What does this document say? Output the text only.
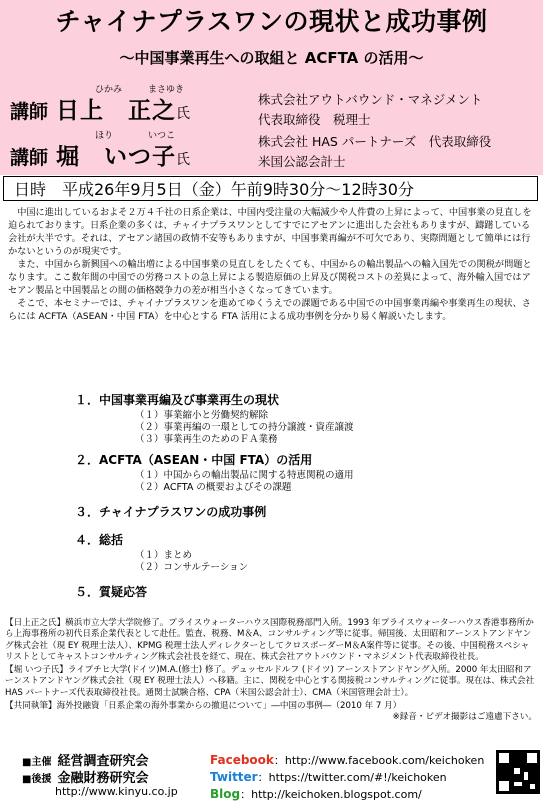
チャイナプラスワンの現状と成功事例
～中国事業再生への取組と ACFTA の活用～
ひかみ	まさゆき
講師 日上　正之氏
株式会社アウトバウンド・マネジメント
代表取締役　税理士
ほり	いつこ
講師 堀　いつ子氏
株式会社 HAS パートナーズ　代表取締役
米国公認会計士
日時　平成26年9月5日（金）午前9時30分～12時30分

中国に進出しているおよそ２万４千社の日系企業は、中国内受注量の大幅減少や人件費の上昇によって、中国事業の見直しを迫られております。日系企業の多くは、チャイナプラスワンとしてすでにアセアンに進出した会社もありますが、躊躇している会社が大半です。それは、アセアン諸国の政情不安等もありますが、中国事業再編が不可欠であり、実際問題として簡単には行かないというのが現実です。

また、中国から新興国への輸出増による中国事業の見直しをしたくても、中国からの輸出製品への輸入国先での関税が問題となります。ここ数年間の中国での労務コストの急上昇による製造原価の上昇及び関税コストの差異によって、海外輸入国ではアセアン製品と中国製品との間の価格競争力の差が相当小さくなってきています。

そこで、本セミナーでは、チャイナプラスワンを進めてゆくうえでの課題である中国での中国事業再編や事業再生の現状、さらには ACFTA（ASEAN・中国 FTA）を中心とする FTA 活用による成功事例を分かり易く解説いたします。

１．中国事業再編及び事業再生の現状
（１）事業縮小と労働契約解除
（２）事業再編の一環としての持分譲渡・資産譲渡
（３）事業再生のためのＦＡ業務
２．ACFTA（ASEAN・中国 FTA）の活用
（１）中国からの輸出製品に関する特恵関税の適用
（２）ACFTA の概要およびその課題
３．チャイナプラスワンの成功事例
４．総括
（１）まとめ
（２）コンサルテーション
５．質疑応答

【日上正之氏】横浜市立大学大学院修了。プライスウォーターハウス国際税務部門入所。1993 年プライスウォーターハウス香港事務所から上海事務所の初代日系企業代表として赴任。監査、税務、M＆A、コンサルティング等に従事。帰国後、太田昭和アーンストアンドヤング株式会社（現 EY 税理士法人）、KPMG 税理士法人ディレクターとしてクロスボーダーM＆A案件等に従事。その後、中国税務スペシャリストとしてキャストコンサルティング株式会社長を経て、現在、株式会社アウトバウンド・マネジメント代表取締役社長。

【堀 いつ子氏】ライプチヒ大学(ドイツ)M.A.(修士) 修了。デュッセルドルフ (ドイツ) アーンストアンドヤング入所。2000 年太田昭和アーンストアンドヤング株式会社（現 EY 税理士法人）へ移籍。主に、関税を中心とする関接税コンサルティングに従事。現在は、株式会社 HAS パートナーズ代表取締役社長。通関士試験合格、CPA（米国公認会計士）、CMA（米国管理会計士）。

【共同執筆】海外投融資「日系企業の海外事業からの撤退について」―中国の事例―（2010 年 7 月）

※録音・ビデオ撮影はご遠慮下さい。
■主催 経営調査研究会
■後援 金融財務研究会
http://www.kinyu.co.jp
Facebook：http://www.facebook.com/keichoken
Twitter：https://twitter.com/#!/keichoken
Blog：http://keichoken.blogspot.com/
